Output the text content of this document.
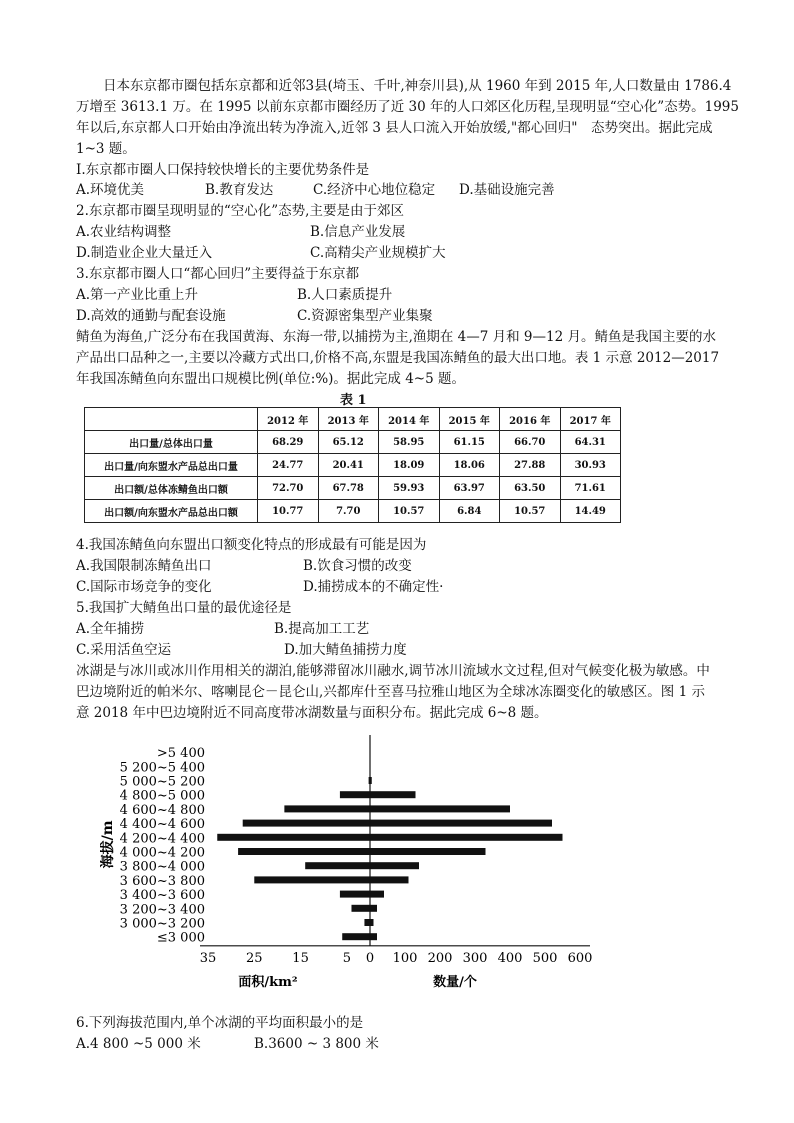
　　日本东京都市圈包括东京都和近邻3县(埼玉、千叶,神奈川县),从 1960 年到 2015 年,人口数量由 1786.4
万增至 3613.1 万。在 1995 以前东京都市圈经历了近 30 年的人口郊区化历程,呈现明显“空心化”态势。1995
年以后,东京都人口开始由净流出转为净流入,近邻 3 县人口流入开始放缓,"都心回归"　态势突出。据此完成
1~3 题。
I.东京都市圈人口保持较快增长的主要优势条件是
A.环境优美	B.教育发达	C.经济中心地位稳定 D.基础设施完善
2.东京都市圈呈现明显的“空心化”态势,主要是由于郊区
A.农业结构调整	B.信息产业发展
D.制造业企业大量迁入	C.高精尖产业规模扩大
3.东京都市圈人口“都心回归”主要得益于东京都
A.第一产业比重上升	B.人口素质提升
D.高效的通勤与配套设施	C.资源密集型产业集聚
鲭鱼为海鱼,广泛分布在我国黄海、东海一带,以捕捞为主,渔期在 4—7 月和 9—12 月。鲭鱼是我国主要的水
产品出口品种之一,主要以冷藏方式出口,价格不高,东盟是我国冻鲭鱼的最大出口地。表 1 示意 2012—2017
年我国冻鲭鱼向东盟出口规模比例(单位:%)。据此完成 4~5 题。
表 1
	2012 年	2013 年	2014 年	2015 年	2016 年	2017 年
出口量/总体出口量	68.29	65.12	58.95	61.15	66.70	64.31
出口量/向东盟水产品总出口量	24.77	20.41	18.09	18.06	27.88	30.93
出口额/总体冻鲭鱼出口额	72.70	67.78	59.93	63.97	63.50	71.61
出口额/向东盟水产品总出口额	10.77	7.70	10.57	6.84	10.57	14.49
4.我国冻鲭鱼向东盟出口额变化特点的形成最有可能是因为
A.我国限制冻鲭鱼出口	B.饮食习惯的改变
C.国际市场竞争的变化	D.捕捞成本的不确定性·
5.我国扩大鲭鱼出口量的最优途径是
A.全年捕捞	B.提高加工工艺
C.采用活鱼空运	D.加大鲭鱼捕捞力度
冰湖是与冰川或冰川作用相关的湖泊,能够滞留冰川融水,调节冰川流域水文过程,但对气候变化极为敏感。中
巴边境附近的帕米尔、喀喇昆仑－昆仑山,兴都库什至喜马拉雅山地区为全球冰冻圈变化的敏感区。图 1 示
意 2018 年中巴边境附近不同高度带冰湖数量与面积分布。据此完成 6~8 题。
海拔/m
>5 400
5 200~5 400
5 000~5 200
4 800~5 000
4 600~4 800
4 400~4 600
4 200~4 400
4 000~4 200
3 800~4 000
3 600~3 800
3 400~3 600
3 200~3 400
3 000~3 200
≤3 000
35 25 15	5 0 100 200 300 400 500 600
面积/km²	数量/个
6.下列海拔范围内,单个冰湖的平均面积最小的是
A.4 800 ~5 000 米	B.3600 ~ 3 800 米
